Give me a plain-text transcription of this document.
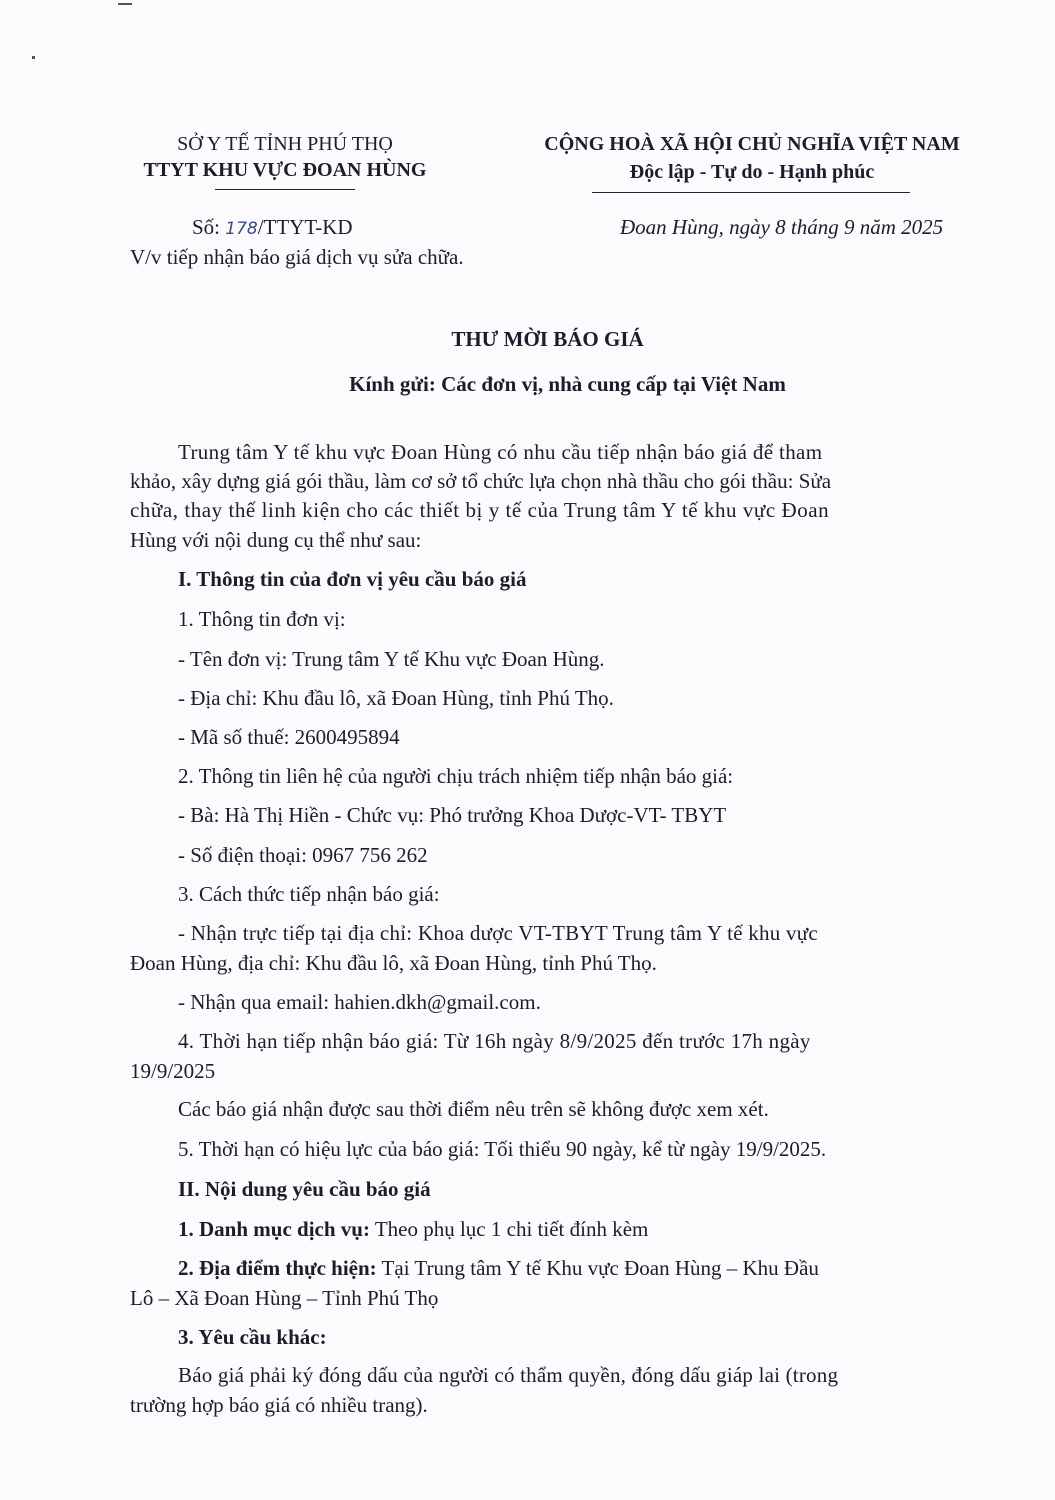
SỞ Y TẾ TỈNH PHÚ THỌ
TTYT KHU VỰC ĐOAN HÙNG
CỘNG HOÀ XÃ HỘI CHỦ NGHĨA VIỆT NAM
Độc lập - Tự do - Hạnh phúc
Số: 178/TTYT-KD
V/v tiếp nhận báo giá dịch vụ sửa chữa.
Đoan Hùng, ngày 8 tháng 9 năm 2025
THƯ MỜI BÁO GIÁ
Kính gửi: Các đơn vị, nhà cung cấp tại Việt Nam
Trung tâm Y tế khu vực Đoan Hùng có nhu cầu tiếp nhận báo giá để tham
khảo, xây dựng giá gói thầu, làm cơ sở tổ chức lựa chọn nhà thầu cho gói thầu: Sửa
chữa, thay thế linh kiện cho các thiết bị y tế của Trung tâm Y tế khu vực Đoan
Hùng với nội dung cụ thể như sau:
I. Thông tin của đơn vị yêu cầu báo giá
1. Thông tin đơn vị:
- Tên đơn vị: Trung tâm Y tế Khu vực Đoan Hùng.
- Địa chỉ: Khu đầu lô, xã Đoan Hùng, tỉnh Phú Thọ.
- Mã số thuế: 2600495894
2. Thông tin liên hệ của người chịu trách nhiệm tiếp nhận báo giá:
- Bà: Hà Thị Hiền - Chức vụ: Phó trưởng Khoa Dược-VT- TBYT
- Số điện thoại: 0967 756 262
3. Cách thức tiếp nhận báo giá:
- Nhận trực tiếp tại địa chỉ: Khoa dược VT-TBYT Trung tâm Y tế khu vực
Đoan Hùng, địa chỉ: Khu đầu lô, xã Đoan Hùng, tỉnh Phú Thọ.
- Nhận qua email: hahien.dkh@gmail.com.
4. Thời hạn tiếp nhận báo giá: Từ 16h ngày 8/9/2025 đến trước 17h ngày
19/9/2025
Các báo giá nhận được sau thời điểm nêu trên sẽ không được xem xét.
5. Thời hạn có hiệu lực của báo giá: Tối thiểu 90 ngày, kể từ ngày 19/9/2025.
II. Nội dung yêu cầu báo giá
1. Danh mục dịch vụ: Theo phụ lục 1 chi tiết đính kèm
2. Địa điểm thực hiện: Tại Trung tâm Y tế Khu vực Đoan Hùng – Khu Đầu
Lô – Xã Đoan Hùng – Tỉnh Phú Thọ
3. Yêu cầu khác:
Báo giá phải ký đóng dấu của người có thẩm quyền, đóng dấu giáp lai (trong
trường hợp báo giá có nhiều trang).
